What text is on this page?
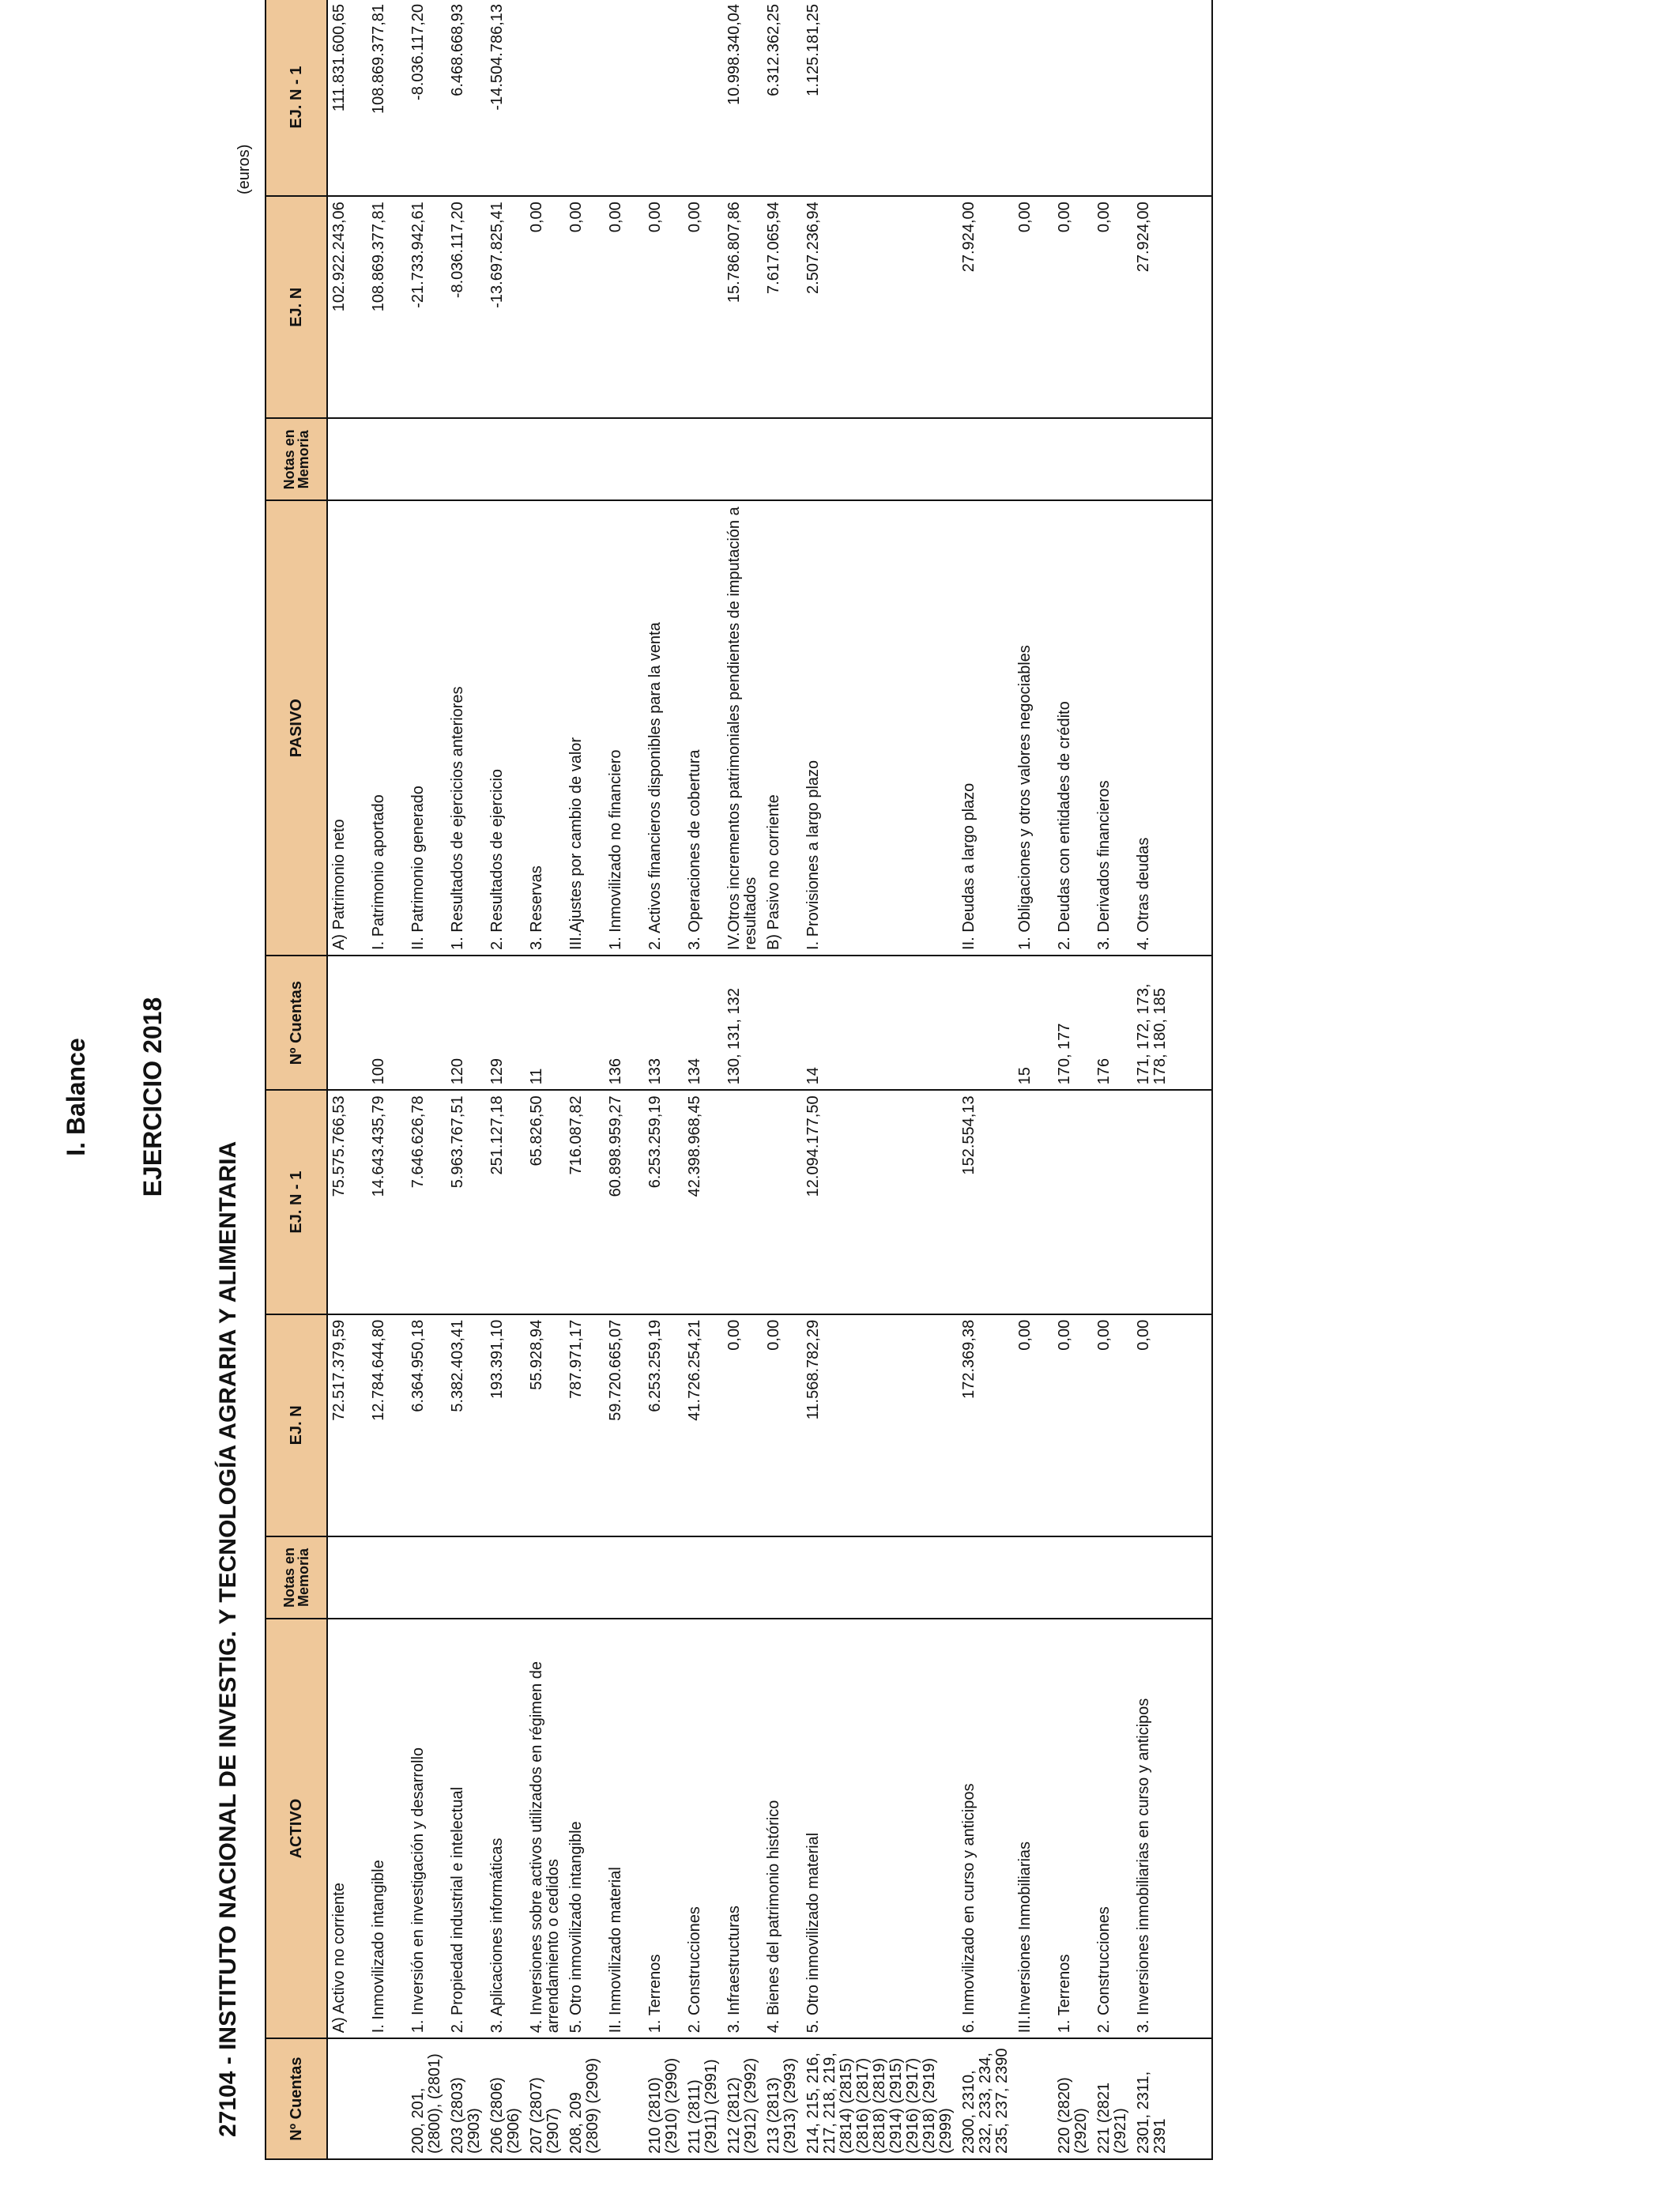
I. Balance EJERCICIO 2018
27104 - INSTITUTO NACIONAL DE INVESTIG. Y TECNOLOGÍA AGRARIA Y ALIMENTARIA
(euros)
Nº Cuentas	ACTIVO	Notas en Memoria	EJ. N	EJ. N - 1	Nº Cuentas	PASIVO	Notas en Memoria	EJ. N	EJ. N - 1
	A) Activo no corriente		72.517.379,59	75.575.766,53		A) Patrimonio neto		102.922.243,06	111.831.600,65
	I. Inmovilizado intangible		12.784.644,80	14.643.435,79	100	I. Patrimonio aportado		108.869.377,81	108.869.377,81
200, 201, (2800), (2801)	1. Inversión en investigación y desarrollo		6.364.950,18	7.646.626,78		II. Patrimonio generado		-21.733.942,61	-8.036.117,20
203 (2803) (2903)	2. Propiedad industrial e intelectual		5.382.403,41	5.963.767,51	120	1. Resultados de ejercicios anteriores		-8.036.117,20	6.468.668,93
206 (2806) (2906)	3. Aplicaciones informáticas		193.391,10	251.127,18	129	2. Resultados de ejercicio		-13.697.825,41	-14.504.786,13
207 (2807) (2907)	4. Inversiones sobre activos utilizados en régimen de arrendamiento o cedidos		55.928,94	65.826,50	11	3. Reservas		0,00	
208, 209 (2809) (2909)	5. Otro inmovilizado intangible		787.971,17	716.087,82		III.Ajustes por cambio de valor		0,00	
	II. Inmovilizado material		59.720.665,07	60.898.959,27	136	1. Inmovilizado no financiero		0,00	
210 (2810) (2910) (2990)	1. Terrenos		6.253.259,19	6.253.259,19	133	2. Activos financieros disponibles para la venta		0,00	
211 (2811) (2911) (2991)	2. Construcciones		41.726.254,21	42.398.968,45	134	3. Operaciones de cobertura		0,00	
212 (2812) (2912) (2992)	3. Infraestructuras		0,00		130, 131, 132	IV.Otros incrementos patrimoniales pendientes de imputación a resultados		15.786.807,86	10.998.340,04
213 (2813) (2913) (2993)	4. Bienes del patrimonio histórico		0,00			B) Pasivo no corriente		7.617.065,94	6.312.362,25
214, 215, 216, 217, 218, 219, (2814) (2815) (2816) (2817) (2818) (2819) (2914) (2915) (2916) (2917) (2918) (2919) (2999)	5. Otro inmovilizado material		11.568.782,29	12.094.177,50	14	I. Provisiones a largo plazo		2.507.236,94	1.125.181,25
2300, 2310, 232, 233, 234, 235, 237, 2390	6. Inmovilizado en curso y anticipos		172.369,38	152.554,13		II. Deudas a largo plazo		27.924,00	
	III.Inversiones Inmobiliarias		0,00		15	1. Obligaciones y otros valores negociables		0,00	
220 (2820) (2920)	1. Terrenos		0,00		170, 177	2. Deudas con entidades de crédito		0,00	
221 (2821 (2921)	2. Construcciones		0,00		176	3. Derivados financieros		0,00	
2301, 2311, 2391	3. Inversiones inmobiliarias en curso y anticipos		0,00		171, 172, 173, 178, 180, 185	4. Otras deudas		27.924,00	
